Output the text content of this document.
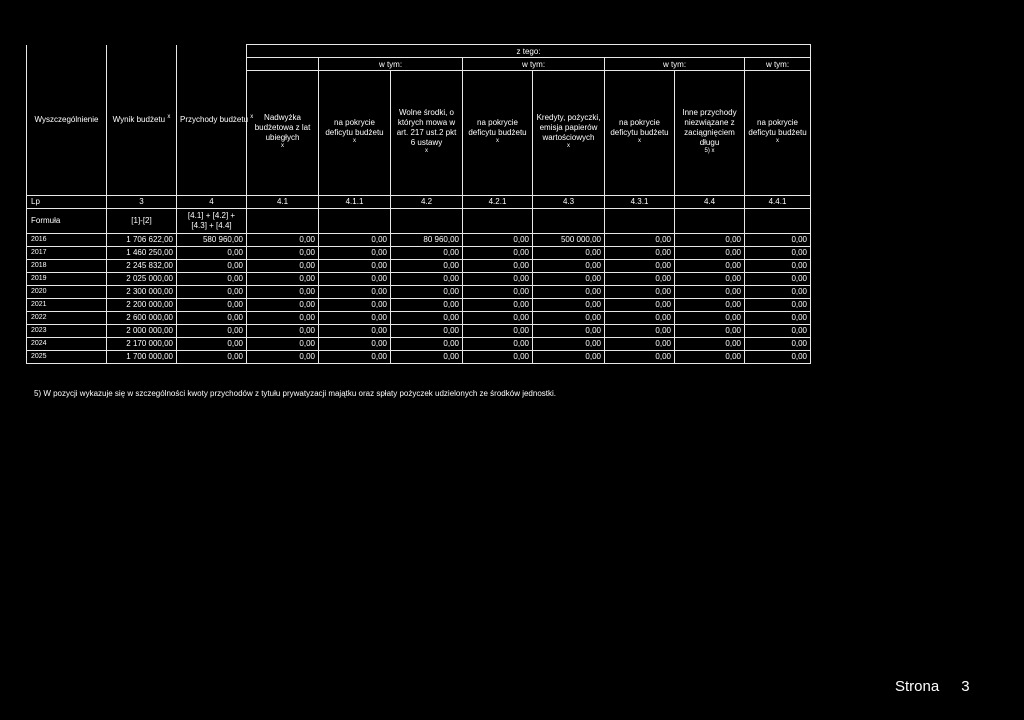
Wyszczególnienie	Wynik budżetu $^x$	Przychody budżetu $^x$	z tego:							
				w tym:		w tym:		w tym:		w tym:
			Nadwyżka budżetowa z lat ubiegłych $^x$	na pokrycie deficytu budżetu $^x$	Wolne środki, o których mowa w art. 217 ust.2 pkt 6 ustawy $^x$	na pokrycie deficytu budżetu $^x$	Kredyty, pożyczki, emisja papierów wartościowych $^x$	na pokrycie deficytu budżetu $^x$	Inne przychody niezwiązane z zaciągnięciem długu $^{5) x}$	na pokrycie deficytu budżetu $^x$
Lp	3	4	4.1	4.1.1	4.2	4.2.1	4.3	4.3.1	4.4	4.4.1
Formuła	[1]-[2]	[4.1] + [4.2] + [4.3] + [4.4]								
2016	1 706 622,00	580 960,00	0,00	0,00	80 960,00	0,00	500 000,00	0,00	0,00	0,00
2017	1 460 250,00	0,00	0,00	0,00	0,00	0,00	0,00	0,00	0,00	0,00
2018	2 245 832,00	0,00	0,00	0,00	0,00	0,00	0,00	0,00	0,00	0,00
2019	2 025 000,00	0,00	0,00	0,00	0,00	0,00	0,00	0,00	0,00	0,00
2020	2 300 000,00	0,00	0,00	0,00	0,00	0,00	0,00	0,00	0,00	0,00
2021	2 200 000,00	0,00	0,00	0,00	0,00	0,00	0,00	0,00	0,00	0,00
2022	2 600 000,00	0,00	0,00	0,00	0,00	0,00	0,00	0,00	0,00	0,00
2023	2 000 000,00	0,00	0,00	0,00	0,00	0,00	0,00	0,00	0,00	0,00
2024	2 170 000,00	0,00	0,00	0,00	0,00	0,00	0,00	0,00	0,00	0,00
2025	1 700 000,00	0,00	0,00	0,00	0,00	0,00	0,00	0,00	0,00	0,00
5) W pozycji wykazuje się w szczególności kwoty przychodów z tytułu prywatyzacji majątku oraz spłaty pożyczek udzielonych ze środków jednostki.
Strona 3
